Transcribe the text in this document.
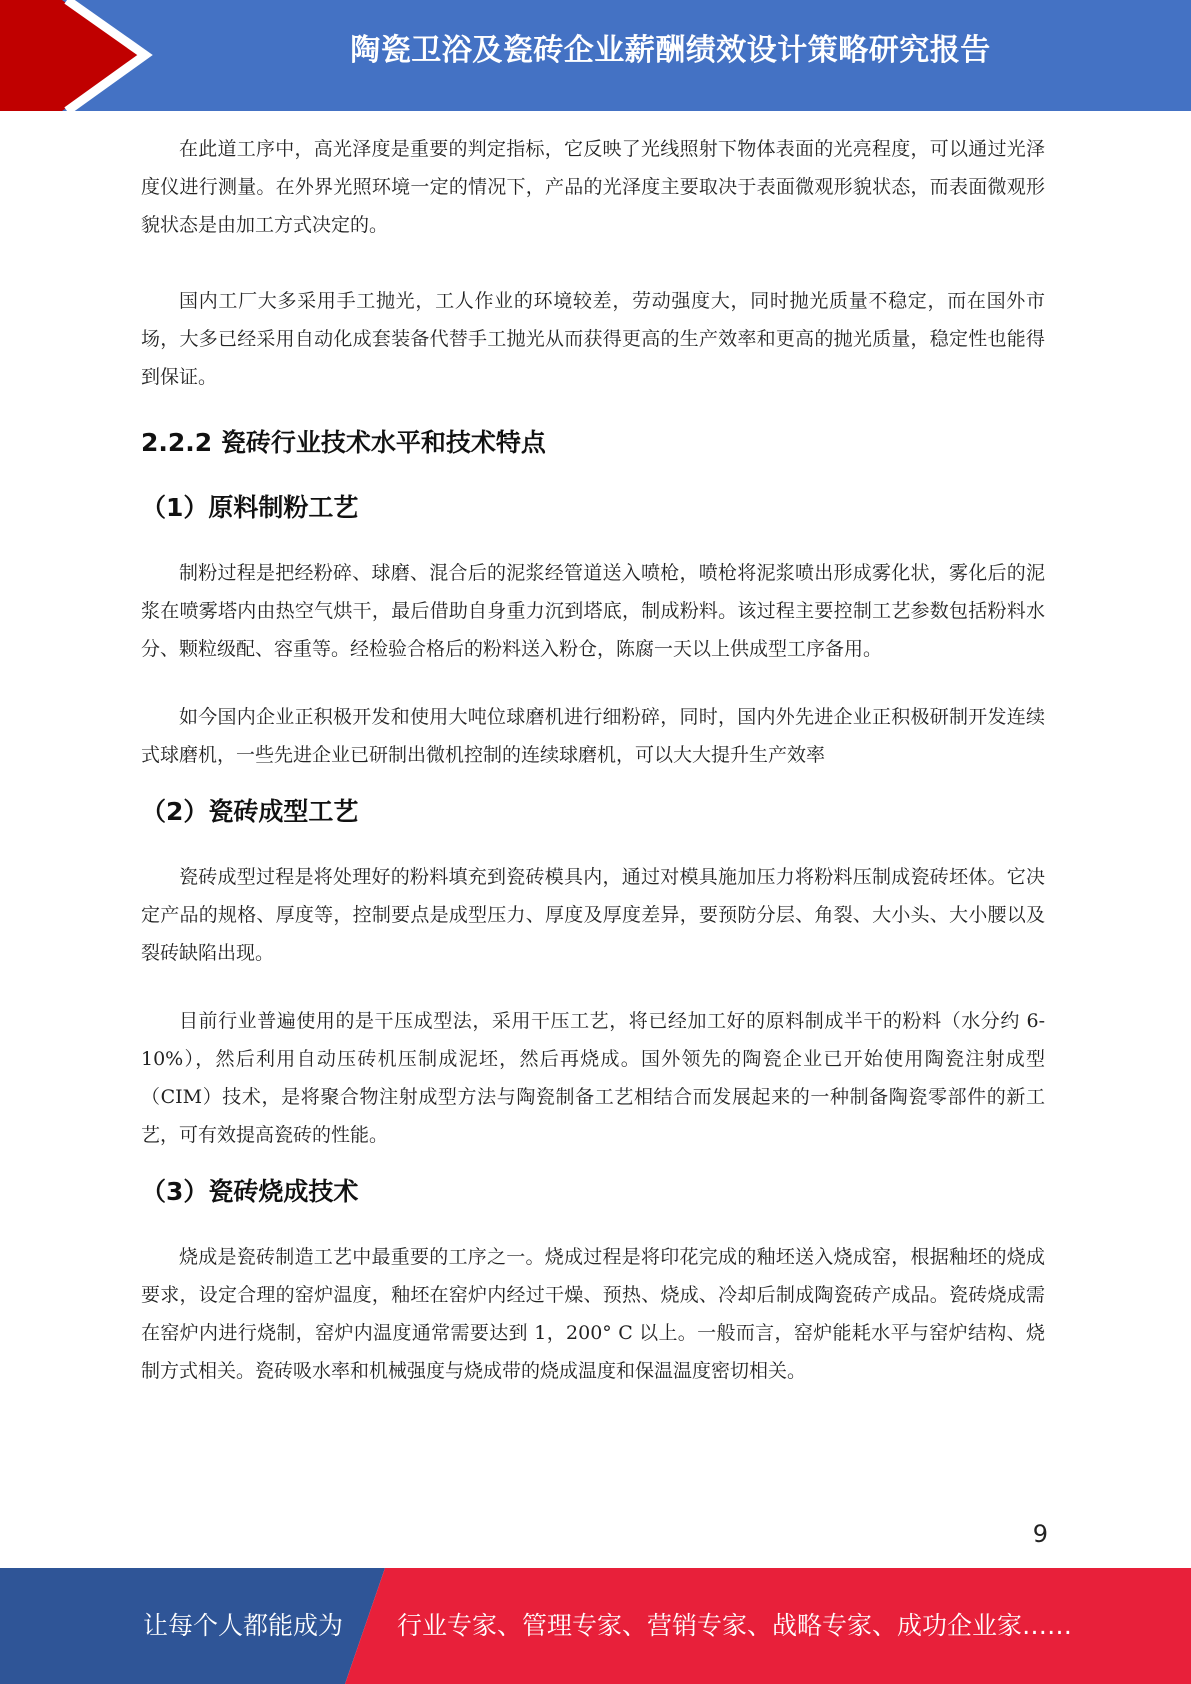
陶瓷卫浴及瓷砖企业薪酬绩效设计策略研究报告

在此道工序中，高光泽度是重要的判定指标，它反映了光线照射下物体表面的光亮程度，可以通过光泽度仪进行测量。在外界光照环境一定的情况下，产品的光泽度主要取决于表面微观形貌状态，而表面微观形貌状态是由加工方式决定的。

国内工厂大多采用手工抛光，工人作业的环境较差，劳动强度大，同时抛光质量不稳定，而在国外市场，大多已经采用自动化成套装备代替手工抛光从而获得更高的生产效率和更高的抛光质量，稳定性也能得到保证。

2.2.2 瓷砖行业技术水平和技术特点
（1）原料制粉工艺

制粉过程是把经粉碎、球磨、混合后的泥浆经管道送入喷枪，喷枪将泥浆喷出形成雾化状，雾化后的泥浆在喷雾塔内由热空气烘干，最后借助自身重力沉到塔底，制成粉料。该过程主要控制工艺参数包括粉料水分、颗粒级配、容重等。经检验合格后的粉料送入粉仓，陈腐一天以上供成型工序备用。

如今国内企业正积极开发和使用大吨位球磨机进行细粉碎，同时，国内外先进企业正积极研制开发连续式球磨机，一些先进企业已研制出微机控制的连续球磨机，可以大大提升生产效率

（2）瓷砖成型工艺

瓷砖成型过程是将处理好的粉料填充到瓷砖模具内，通过对模具施加压力将粉料压制成瓷砖坯体。它决定产品的规格、厚度等，控制要点是成型压力、厚度及厚度差异，要预防分层、角裂、大小头、大小腰以及裂砖缺陷出现。

目前行业普遍使用的是干压成型法，采用干压工艺，将已经加工好的原料制成半干的粉料（水分约 6-10%），然后利用自动压砖机压制成泥坯，然后再烧成。国外领先的陶瓷企业已开始使用陶瓷注射成型（CIM）技术，是将聚合物注射成型方法与陶瓷制备工艺相结合而发展起来的一种制备陶瓷零部件的新工艺，可有效提高瓷砖的性能。

（3）瓷砖烧成技术

烧成是瓷砖制造工艺中最重要的工序之一。烧成过程是将印花完成的釉坯送入烧成窑，根据釉坯的烧成要求，设定合理的窑炉温度，釉坯在窑炉内经过干燥、预热、烧成、冷却后制成陶瓷砖产成品。瓷砖烧成需在窑炉内进行烧制，窑炉内温度通常需要达到 1，200° C 以上。一般而言，窑炉能耗水平与窑炉结构、烧制方式相关。瓷砖吸水率和机械强度与烧成带的烧成温度和保温温度密切相关。

9
让每个人都能成为 行业专家、管理专家、营销专家、战略专家、成功企业家……
